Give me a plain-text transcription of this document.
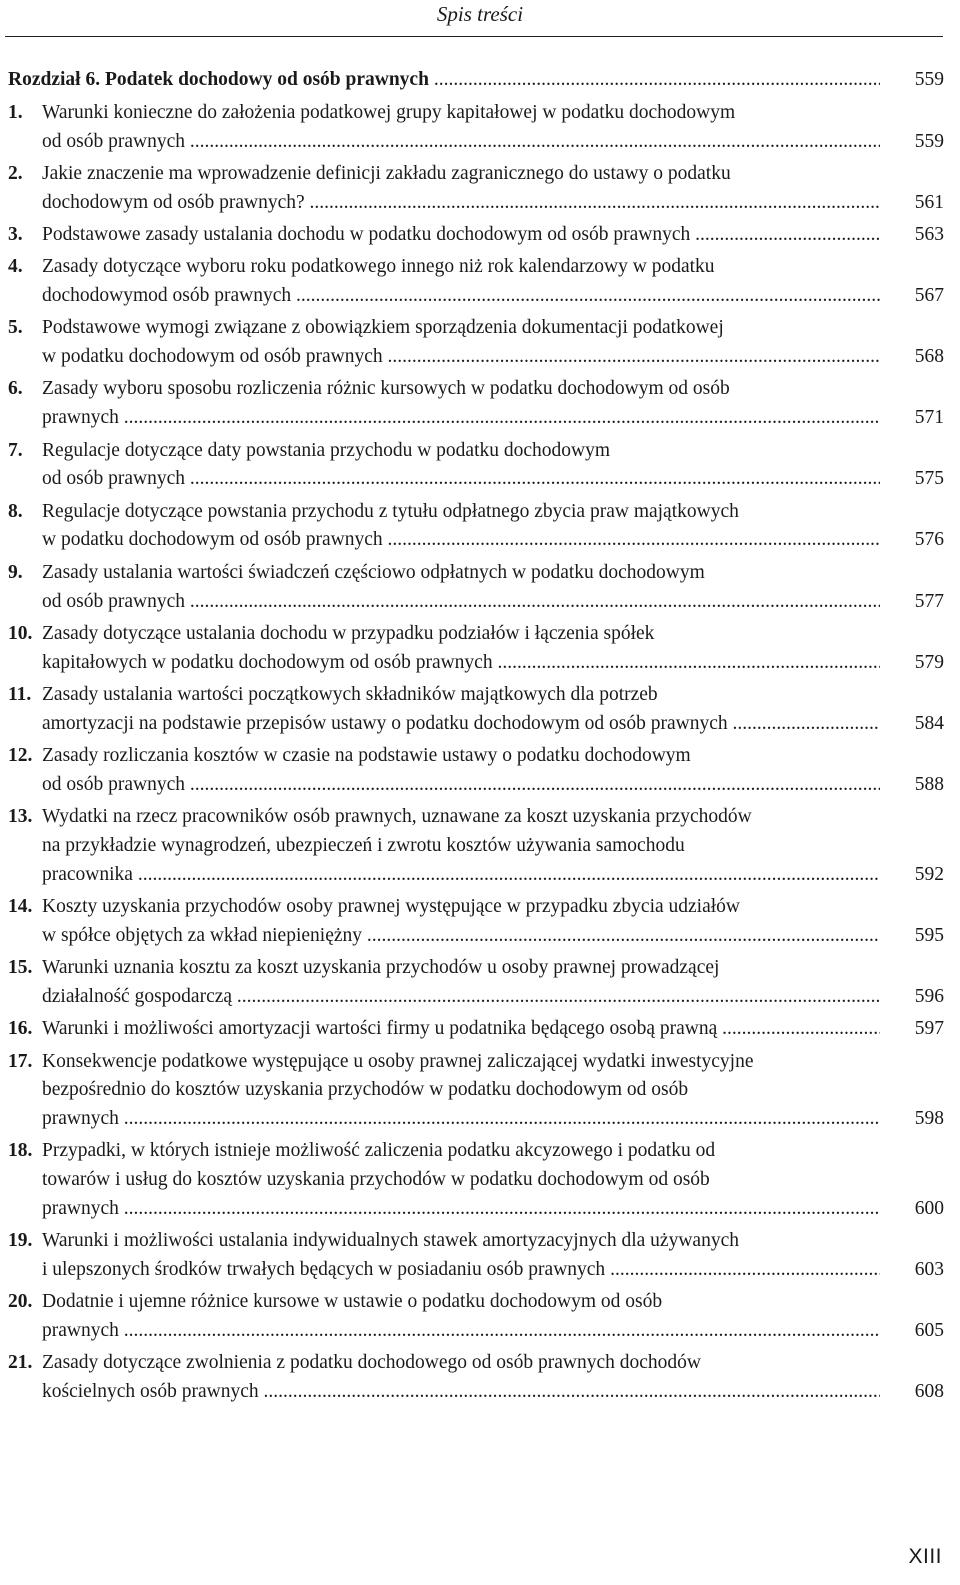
Spis treści
Rozdział 6. Podatek dochodowy od osób prawnych .....	559
1. Warunki konieczne do założenia podatkowej grupy kapitałowej w podatku dochodowym
od osób prawnych .....	559
2. Jakie znaczenie ma wprowadzenie definicji zakładu zagranicznego do ustawy o podatku
dochodowym od osób prawnych? .....	561
3. Podstawowe zasady ustalania dochodu w podatku dochodowym od osób prawnych .....	563
4. Zasady dotyczące wyboru roku podatkowego innego niż rok kalendarzowy w podatku
dochodowymod osób prawnych .....	567
5. Podstawowe wymogi związane z obowiązkiem sporządzenia dokumentacji podatkowej
w podatku dochodowym od osób prawnych .....	568
6. Zasady wyboru sposobu rozliczenia różnic kursowych w podatku dochodowym od osób
prawnych .....	571
7. Regulacje dotyczące daty powstania przychodu w podatku dochodowym
od osób prawnych .....	575
8. Regulacje dotyczące powstania przychodu z tytułu odpłatnego zbycia praw majątkowych
w podatku dochodowym od osób prawnych .....	576
9. Zasady ustalania wartości świadczeń częściowo odpłatnych w podatku dochodowym
od osób prawnych .....	577
10. Zasady dotyczące ustalania dochodu w przypadku podziałów i łączenia spółek
kapitałowych w podatku dochodowym od osób prawnych .....	579
11. Zasady ustalania wartości początkowych składników majątkowych dla potrzeb
amortyzacji na podstawie przepisów ustawy o podatku dochodowym od osób prawnych .....	584
12. Zasady rozliczania kosztów w czasie na podstawie ustawy o podatku dochodowym
od osób prawnych .....	588
13. Wydatki na rzecz pracowników osób prawnych, uznawane za koszt uzyskania przychodów
na przykładzie wynagrodzeń, ubezpieczeń i zwrotu kosztów używania samochodu
pracownika .....	592
14. Koszty uzyskania przychodów osoby prawnej występujące w przypadku zbycia udziałów
w spółce objętych za wkład niepieniężny .....	595
15. Warunki uznania kosztu za koszt uzyskania przychodów u osoby prawnej prowadzącej
działalność gospodarczą .....	596
16. Warunki i możliwości amortyzacji wartości firmy u podatnika będącego osobą prawną .....	597
17. Konsekwencje podatkowe występujące u osoby prawnej zaliczającej wydatki inwestycyjne
bezpośrednio do kosztów uzyskania przychodów w podatku dochodowym od osób
prawnych .....	598
18. Przypadki, w których istnieje możliwość zaliczenia podatku akcyzowego i podatku od
towarów i usług do kosztów uzyskania przychodów w podatku dochodowym od osób
prawnych .....	600
19. Warunki i możliwości ustalania indywidualnych stawek amortyzacyjnych dla używanych
i ulepszonych środków trwałych będących w posiadaniu osób prawnych .....	603
20. Dodatnie i ujemne różnice kursowe w ustawie o podatku dochodowym od osób
prawnych .....	605
21. Zasady dotyczące zwolnienia z podatku dochodowego od osób prawnych dochodów
kościelnych osób prawnych .....	608
XIII
